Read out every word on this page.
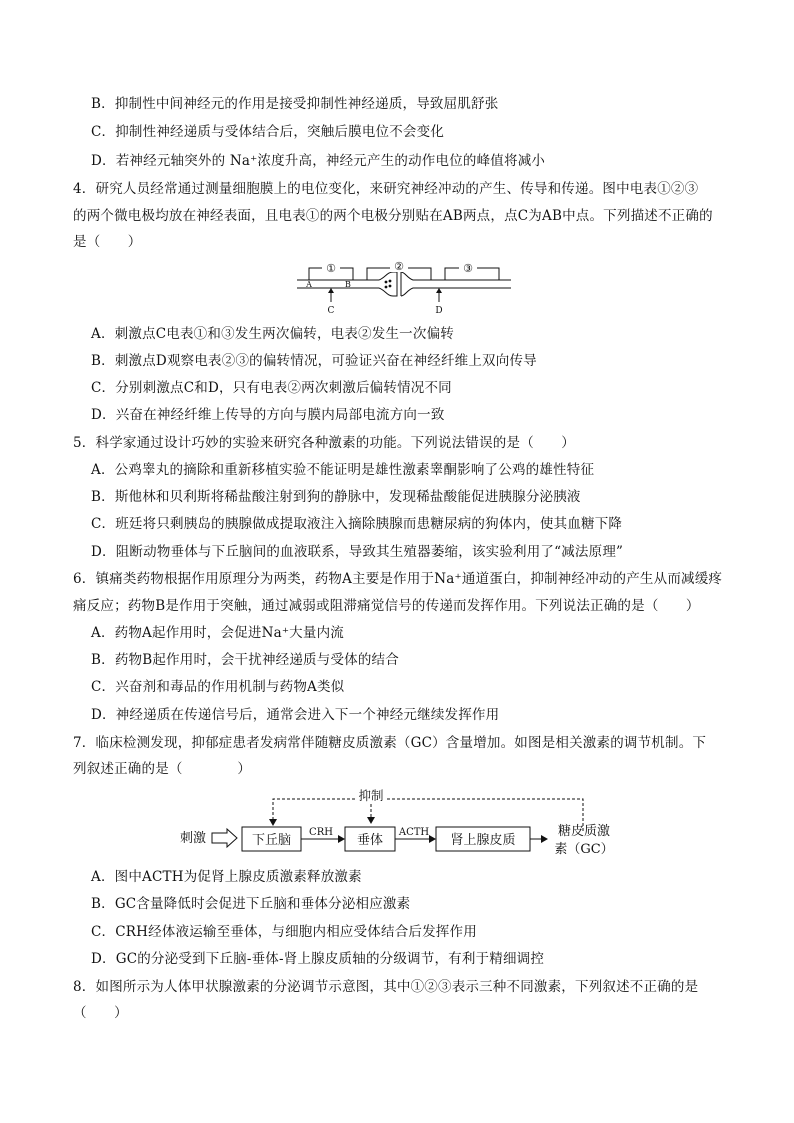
B．抑制性中间神经元的作用是接受抑制性神经递质，导致屈肌舒张
C．抑制性神经递质与受体结合后，突触后膜电位不会变化
D．若神经元轴突外的 Na⁺浓度升高，神经元产生的动作电位的峰值将减小
4．研究人员经常通过测量细胞膜上的电位变化，来研究神经冲动的产生、传导和传递。图中电表①②③
的两个微电极均放在神经表面，且电表①的两个电极分别贴在AB两点，点C为AB中点。下列描述不正确的
是（　　）
①	②	③
A	B
C	D
A．刺激点C电表①和③发生两次偏转，电表②发生一次偏转
B．刺激点D观察电表②③的偏转情况，可验证兴奋在神经纤维上双向传导
C．分别刺激点C和D，只有电表②两次刺激后偏转情况不同
D．兴奋在神经纤维上传导的方向与膜内局部电流方向一致
5．科学家通过设计巧妙的实验来研究各种激素的功能。下列说法错误的是（　　）
A．公鸡睾丸的摘除和重新移植实验不能证明是雄性激素睾酮影响了公鸡的雄性特征
B．斯他林和贝利斯将稀盐酸注射到狗的静脉中，发现稀盐酸能促进胰腺分泌胰液
C．班廷将只剩胰岛的胰腺做成提取液注入摘除胰腺而患糖尿病的狗体内，使其血糖下降
D．阻断动物垂体与下丘脑间的血液联系，导致其生殖器萎缩，该实验利用了“减法原理”
6．镇痛类药物根据作用原理分为两类，药物A主要是作用于Na⁺通道蛋白，抑制神经冲动的产生从而减缓疼
痛反应；药物B是作用于突触，通过减弱或阻滞痛觉信号的传递而发挥作用。下列说法正确的是（　　）
A．药物A起作用时，会促进Na⁺大量内流
B．药物B起作用时，会干扰神经递质与受体的结合
C．兴奋剂和毒品的作用机制与药物A类似
D．神经递质在传递信号后，通常会进入下一个神经元继续发挥作用
7．临床检测发现，抑郁症患者发病常伴随糖皮质激素（GC）含量增加。如图是相关激素的调节机制。下
列叙述正确的是（　　　　）
抑制
刺激	下丘脑
CRH
垂体
ACTH
肾上腺皮质
糖皮质激
素（GC）
A．图中ACTH为促肾上腺皮质激素释放激素
B．GC含量降低时会促进下丘脑和垂体分泌相应激素
C．CRH经体液运输至垂体，与细胞内相应受体结合后发挥作用
D．GC的分泌受到下丘脑-垂体-肾上腺皮质轴的分级调节，有利于精细调控
8．如图所示为人体甲状腺激素的分泌调节示意图，其中①②③表示三种不同激素，下列叙述不正确的是
（　　）
